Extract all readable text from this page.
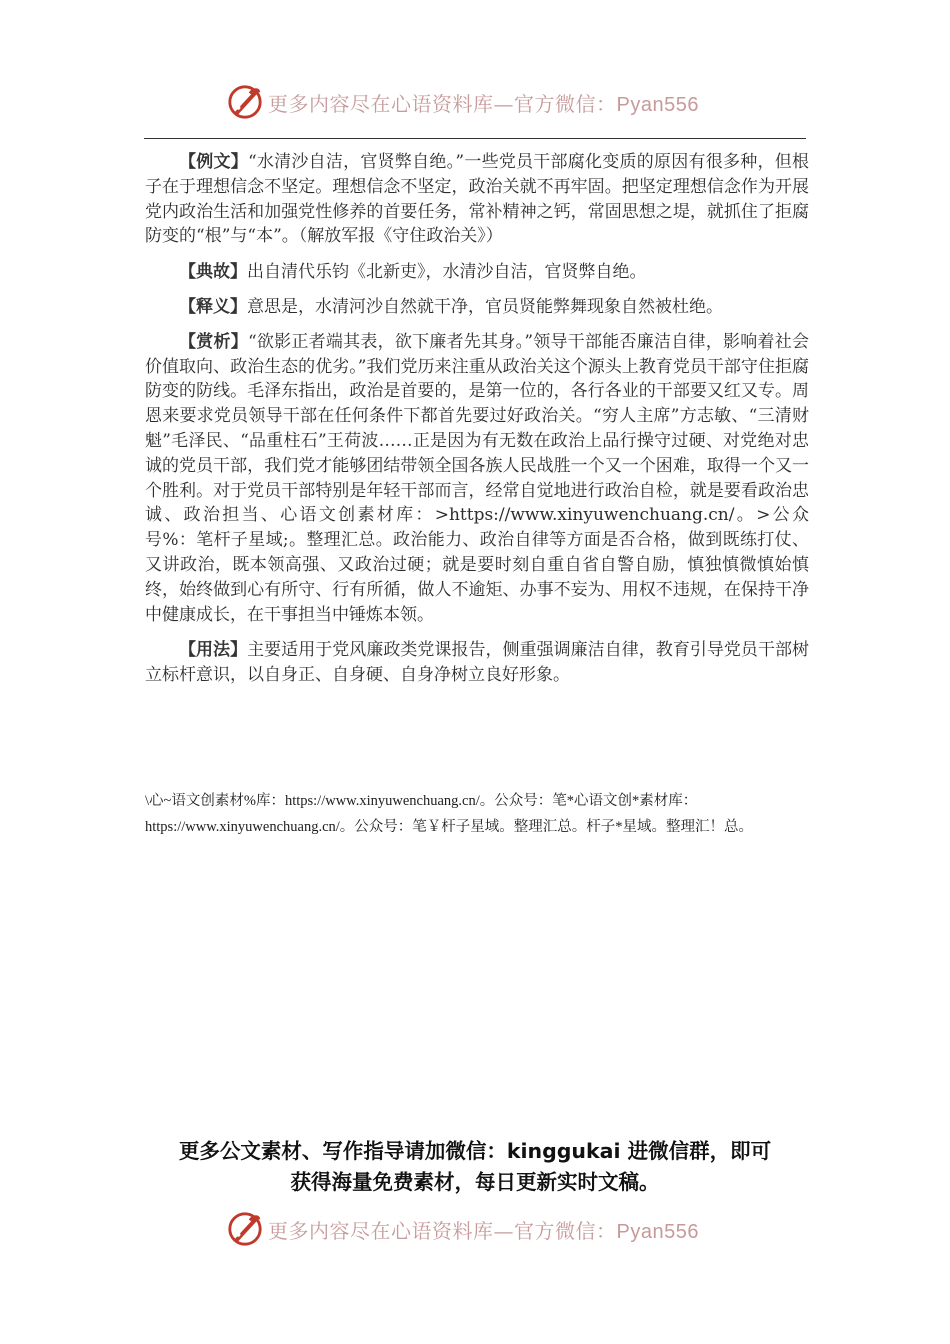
更多内容尽在心语资料库—官方微信：Pyan556

【例文】“水清沙自洁，官贤弊自绝。”一些党员干部腐化变质的原因有很多种，但根子在于理想信念不坚定。理想信念不坚定，政治关就不再牢固。把坚定理想信念作为开展党内政治生活和加强党性修养的首要任务，常补精神之钙，常固思想之堤，就抓住了拒腐防变的“根”与“本”。（解放军报《守住政治关》）

【典故】出自清代乐钧《北新吏》，水清沙自洁，官贤弊自绝。

【释义】意思是，水清河沙自然就干净，官员贤能弊舞现象自然被杜绝。

【赏析】“欲影正者端其表，欲下廉者先其身。”领导干部能否廉洁自律，影响着社会价值取向、政治生态的优劣。”我们党历来注重从政治关这个源头上教育党员干部守住拒腐防变的防线。毛泽东指出，政治是首要的，是第一位的，各行各业的干部要又红又专。周恩来要求党员领导干部在任何条件下都首先要过好政治关。“穷人主席”方志敏、“三清财魁”毛泽民、“品重柱石”王荷波……正是因为有无数在政治上品行操守过硬、对党绝对忠诚的党员干部，我们党才能够团结带领全国各族人民战胜一个又一个困难，取得一个又一个胜利。对于党员干部特别是年轻干部而言，经常自觉地进行政治自检，就是要看政治忠诚、政治担当、心语文创素材库：>https://www.xinyuwenchuang.cn/。>公众号%：笔杆子星域;。整理汇总。政治能力、政治自律等方面是否合格，做到既练打仗、又讲政治，既本领高强、又政治过硬；就是要时刻自重自省自警自励，慎独慎微慎始慎终，始终做到心有所守、行有所循，做人不逾矩、办事不妄为、用权不违规，在保持干净中健康成长，在干事担当中锤炼本领。

【用法】主要适用于党风廉政类党课报告，侧重强调廉洁自律，教育引导党员干部树立标杆意识，以自身正、自身硬、自身净树立良好形象。

\心~语文创素材%库：https://www.xinyuwenchuang.cn/。公众号：笔*心语文创*素材库：https://www.xinyuwenchuang.cn/。公众号：笔￥杆子星域。整理汇总。杆子*星域。整理汇！总。
更多公文素材、写作指导请加微信：kinggukai 进微信群，即可
获得海量免费素材，每日更新实时文稿。
更多内容尽在心语资料库—官方微信：Pyan556
